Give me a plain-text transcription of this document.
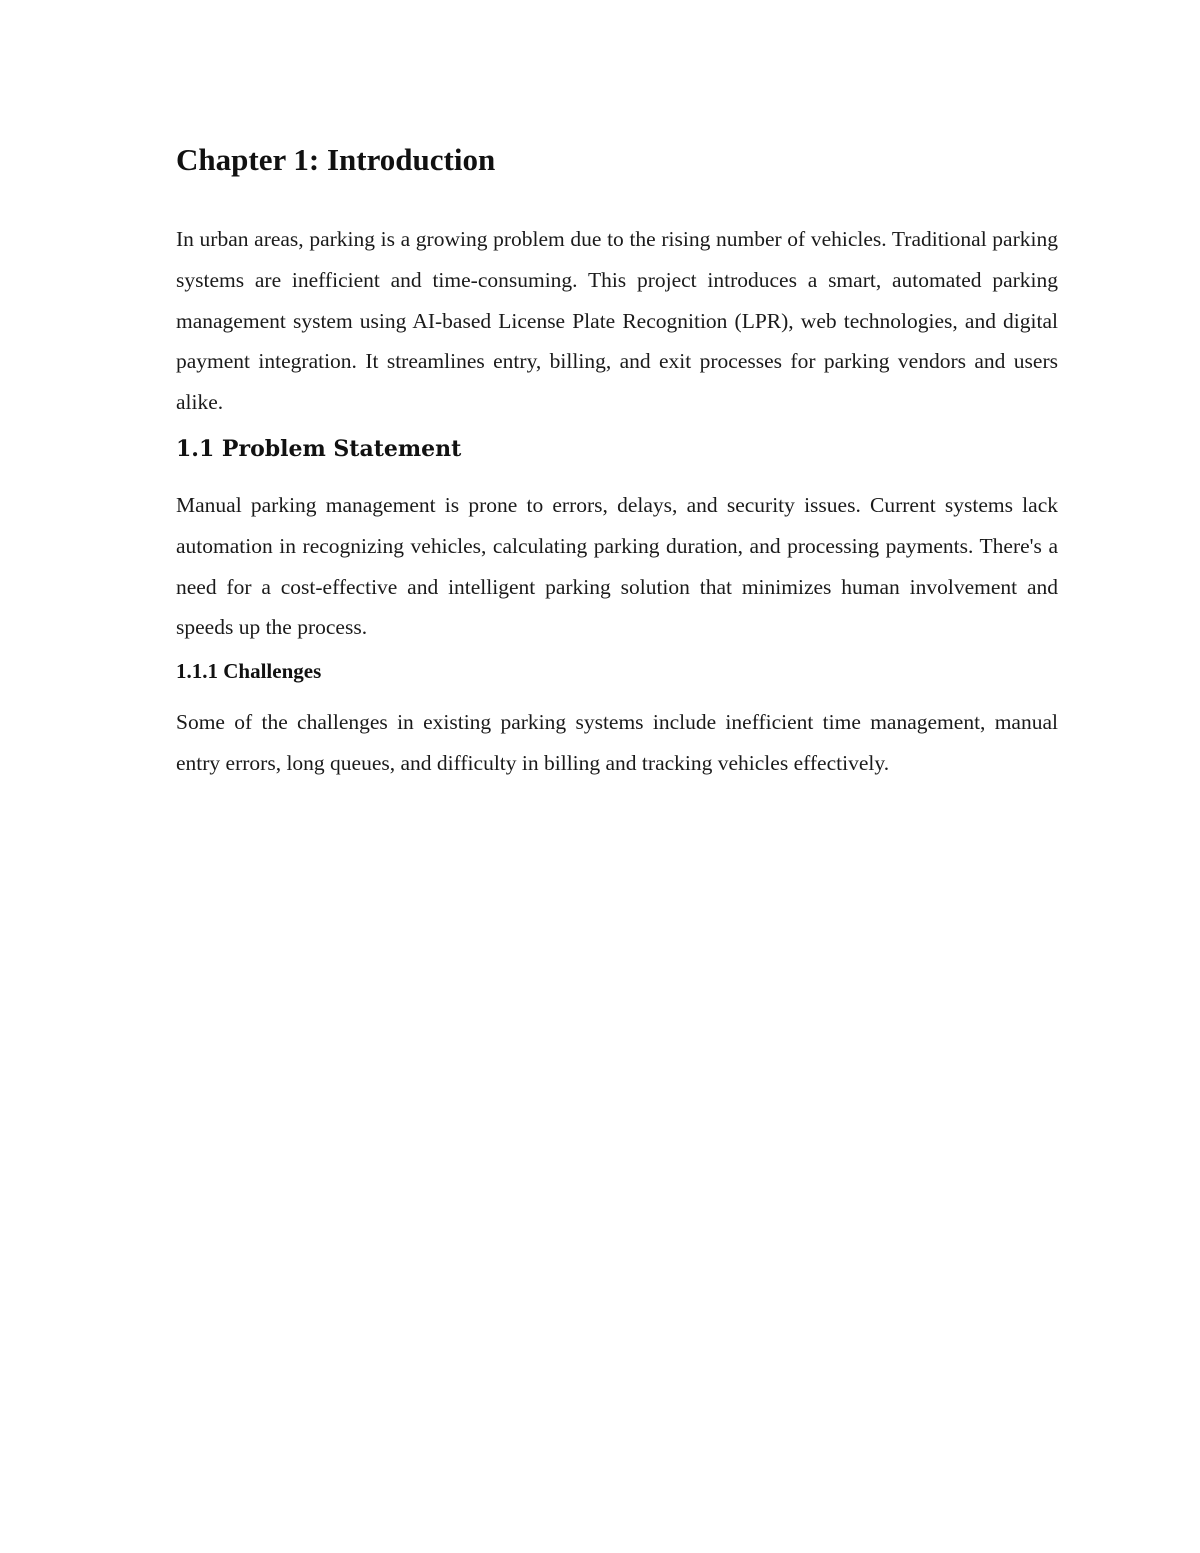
Chapter 1: Introduction

In urban areas, parking is a growing problem due to the rising number of vehicles. Traditional parking systems are inefficient and time-consuming. This project introduces a smart, automated parking management system using AI-based License Plate Recognition (LPR), web technologies, and digital payment integration. It streamlines entry, billing, and exit processes for parking vendors and users alike.

1.1 Problem Statement

Manual parking management is prone to errors, delays, and security issues. Current systems lack automation in recognizing vehicles, calculating parking duration, and processing payments. There's a need for a cost-effective and intelligent parking solution that minimizes human involvement and speeds up the process.

1.1.1 Challenges

Some of the challenges in existing parking systems include inefficient time management, manual entry errors, long queues, and difficulty in billing and tracking vehicles effectively.
